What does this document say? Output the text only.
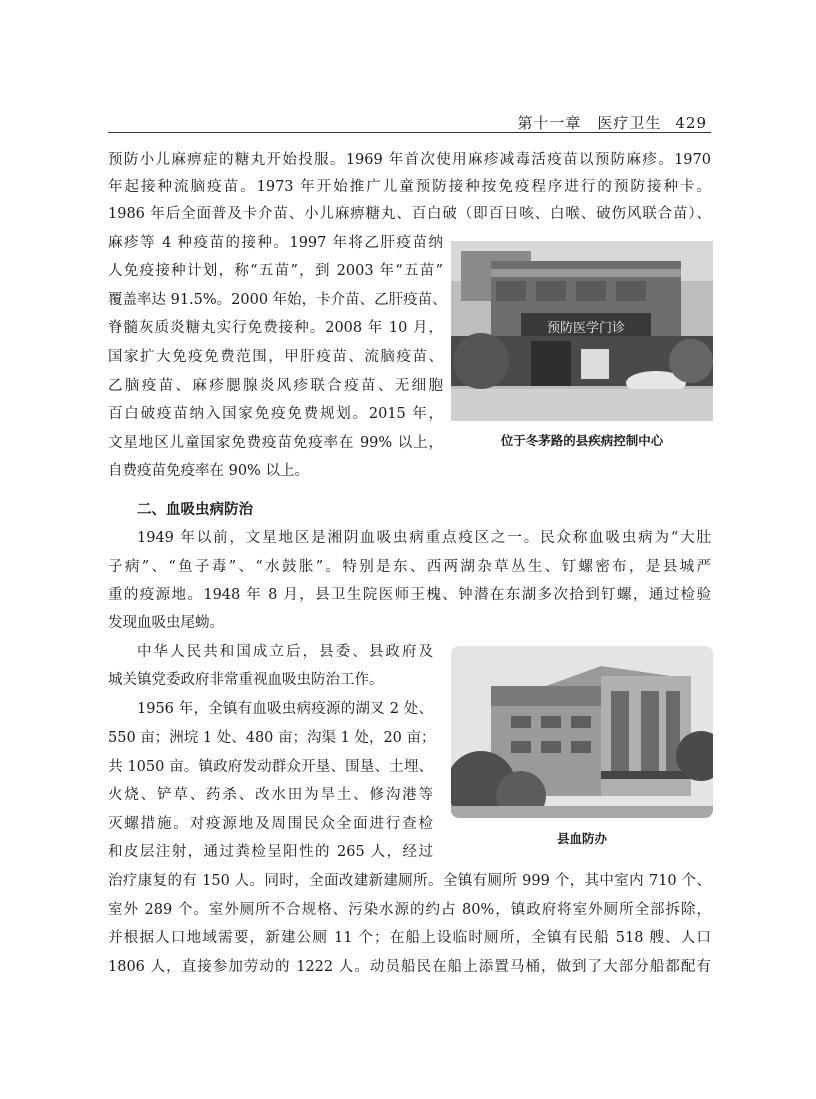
第十一章　医疗卫生 429
预防小儿麻痹症的糖丸开始投服。1969 年首次使用麻疹减毒活疫苗以预防麻疹。1970
年起接种流脑疫苗。1973 年开始推广儿童预防接种按免疫程序进行的预防接种卡。
1986 年后全面普及卡介苗、小儿麻痹糖丸、百白破（即百日咳、白喉、破伤风联合苗）、
麻疹等 4 种疫苗的接种。1997 年将乙肝疫苗纳
人免疫接种计划，称“五苗”，到 2003 年“五苗”
覆盖率达 91.5%。2000 年始，卡介苗、乙肝疫苗、
脊髓灰质炎糖丸实行免费接种。2008 年 10 月，
国家扩大免疫免费范围，甲肝疫苗、流脑疫苗、
乙脑疫苗、麻疹腮腺炎风疹联合疫苗、无细胞
百白破疫苗纳入国家免疫免费规划。2015 年，
文星地区儿童国家免费疫苗免疫率在 99% 以上，
自费疫苗免疫率在 90% 以上。
预防医学门诊
位于冬茅路的县疾病控制中心
二、血吸虫病防治
1949 年以前，文星地区是湘阴血吸虫病重点疫区之一。民众称血吸虫病为“大肚
子病”、“鱼子毒”、“水鼓胀”。特别是东、西两湖杂草丛生、钉螺密布，是县城严
重的疫源地。1948 年 8 月，县卫生院医师王槐、钟潜在东湖多次拾到钉螺，通过检验
发现血吸虫尾蚴。
中华人民共和国成立后，县委、县政府及
城关镇党委政府非常重视血吸虫防治工作。
1956 年，全镇有血吸虫病疫源的湖叉 2 处、
550 亩；洲垸 1 处、480 亩；沟渠 1 处，20 亩；
共 1050 亩。镇政府发动群众开垦、围垦、土埋、
火烧、铲草、药杀、改水田为旱土、修沟港等
灭螺措施。对疫源地及周围民众全面进行查检
和皮层注射，通过粪检呈阳性的 265 人，经过
治疗康复的有 150 人。同时，全面改建新建厕所。全镇有厕所 999 个，其中室内 710 个、
室外 289 个。室外厕所不合规格、污染水源的约占 80%，镇政府将室外厕所全部拆除，
并根据人口地域需要，新建公厕 11 个；在船上设临时厕所，全镇有民船 518 艘、人口
1806 人，直接参加劳动的 1222 人。动员船民在船上添置马桶，做到了大部分船都配有
县血防办
